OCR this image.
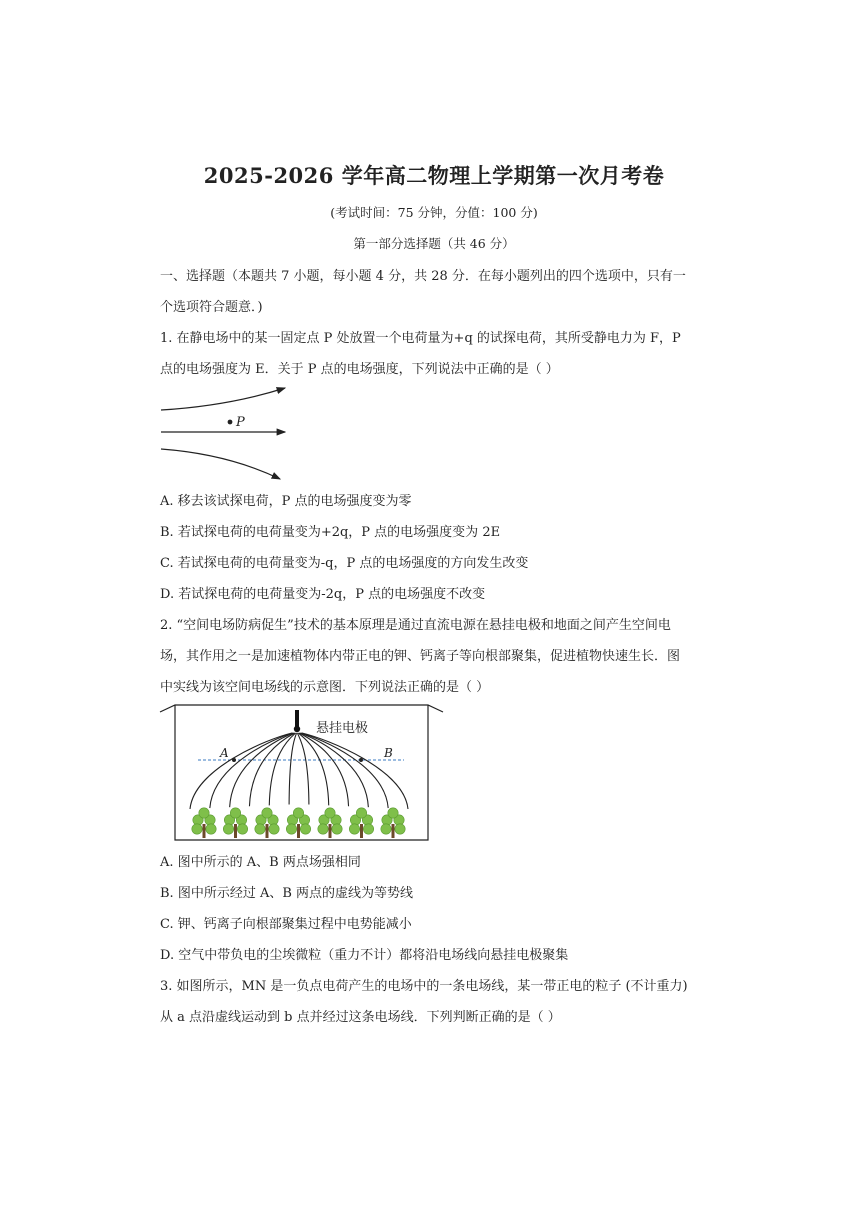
2025-2026 学年高二物理上学期第一次月考卷
(考试时间：75 分钟，分值：100 分)
第一部分选择题（共 46 分）
一、选择题（本题共 7 小题，每小题 4 分，共 28 分．在每小题列出的四个选项中，只有一
个选项符合题意．)
1. 在静电场中的某一固定点 P 处放置一个电荷量为+q 的试探电荷，其所受静电力为 F，P
点的电场强度为 E．关于 P 点的电场强度，下列说法中正确的是（ ）
P
A. 移去该试探电荷，P 点的电场强度变为零
B. 若试探电荷的电荷量变为+2q，P 点的电场强度变为 2E
C. 若试探电荷的电荷量变为-q，P 点的电场强度的方向发生改变
D. 若试探电荷的电荷量变为-2q，P 点的电场强度不改变
2. “空间电场防病促生”技术的基本原理是通过直流电源在悬挂电极和地面之间产生空间电
场，其作用之一是加速植物体内带正电的钾、钙离子等向根部聚集，促进植物快速生长．图
中实线为该空间电场线的示意图．下列说法正确的是（ ）
悬挂电极
A	B
A. 图中所示的 A、B 两点场强相同
B. 图中所示经过 A、B 两点的虚线为等势线
C. 钾、钙离子向根部聚集过程中电势能减小
D. 空气中带负电的尘埃微粒（重力不计）都将沿电场线向悬挂电极聚集
3. 如图所示，MN 是一负点电荷产生的电场中的一条电场线，某一带正电的粒子 (不计重力)
从 a 点沿虚线运动到 b 点并经过这条电场线．下列判断正确的是（ ）
